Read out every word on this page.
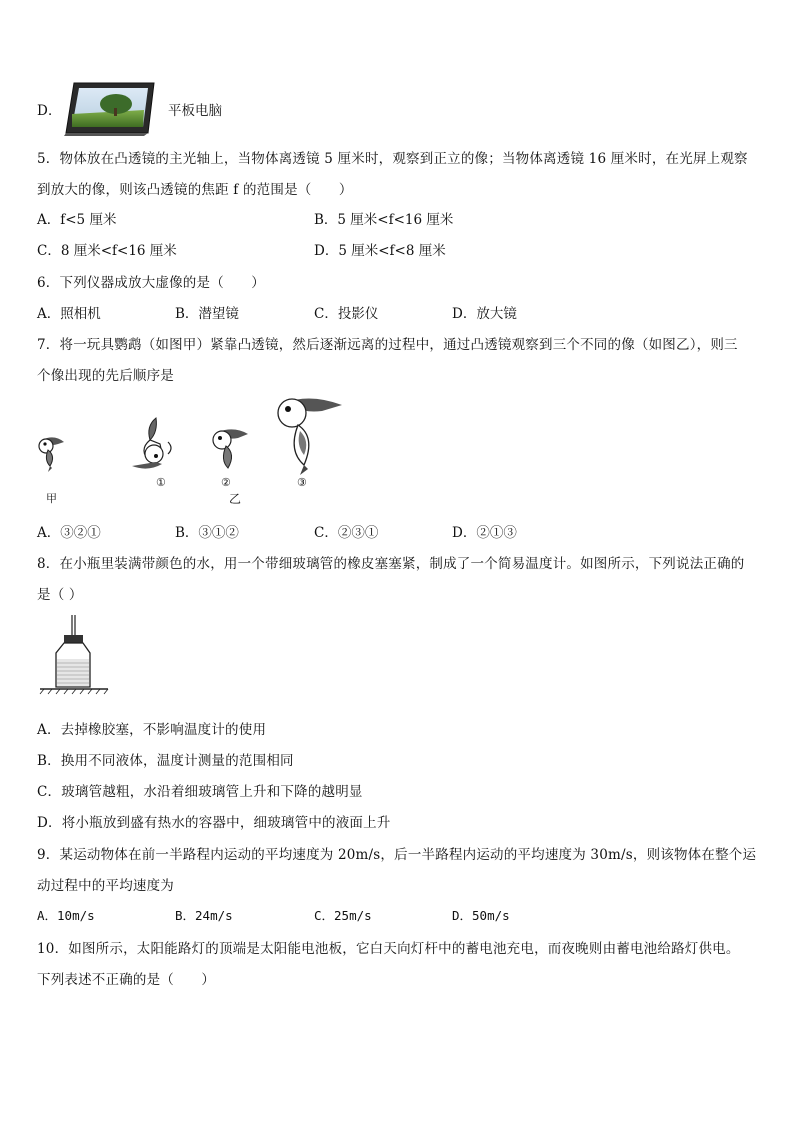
D．	平板电脑
5．物体放在凸透镜的主光轴上，当物体离透镜 5 厘米时，观察到正立的像；当物体离透镜 16 厘米时，在光屏上观察
到放大的像，则该凸透镜的焦距 f 的范围是（　　）
A．f<5 厘米	B．5 厘米<f<16 厘米
C．8 厘米<f<16 厘米	D．5 厘米<f<8 厘米
6．下列仪器成放大虚像的是（　　）
A．照相机	B．潜望镜	C．投影仪	D．放大镜
7．将一玩具鹦鹉（如图甲）紧靠凸透镜，然后逐渐远离的过程中，通过凸透镜观察到三个不同的像（如图乙），则三
个像出现的先后顺序是
甲
①	②
乙
③
A．③②①	B．③①②	C．②③①	D．②①③
8．在小瓶里装满带颜色的水，用一个带细玻璃管的橡皮塞塞紧，制成了一个简易温度计。如图所示，下列说法正确的
是（ ）
A．去掉橡胶塞，不影响温度计的使用
B．换用不同液体，温度计测量的范围相同
C．玻璃管越粗，水沿着细玻璃管上升和下降的越明显
D．将小瓶放到盛有热水的容器中，细玻璃管中的液面上升
9．某运动物体在前一半路程内运动的平均速度为 20m/s，后一半路程内运动的平均速度为 30m/s，则该物体在整个运
动过程中的平均速度为
A．10m/s	B．24m/s	C．25m/s	D．50m/s
10．如图所示，太阳能路灯的顶端是太阳能电池板，它白天向灯杆中的蓄电池充电，而夜晚则由蓄电池给路灯供电。
下列表述不正确的是（　　）
